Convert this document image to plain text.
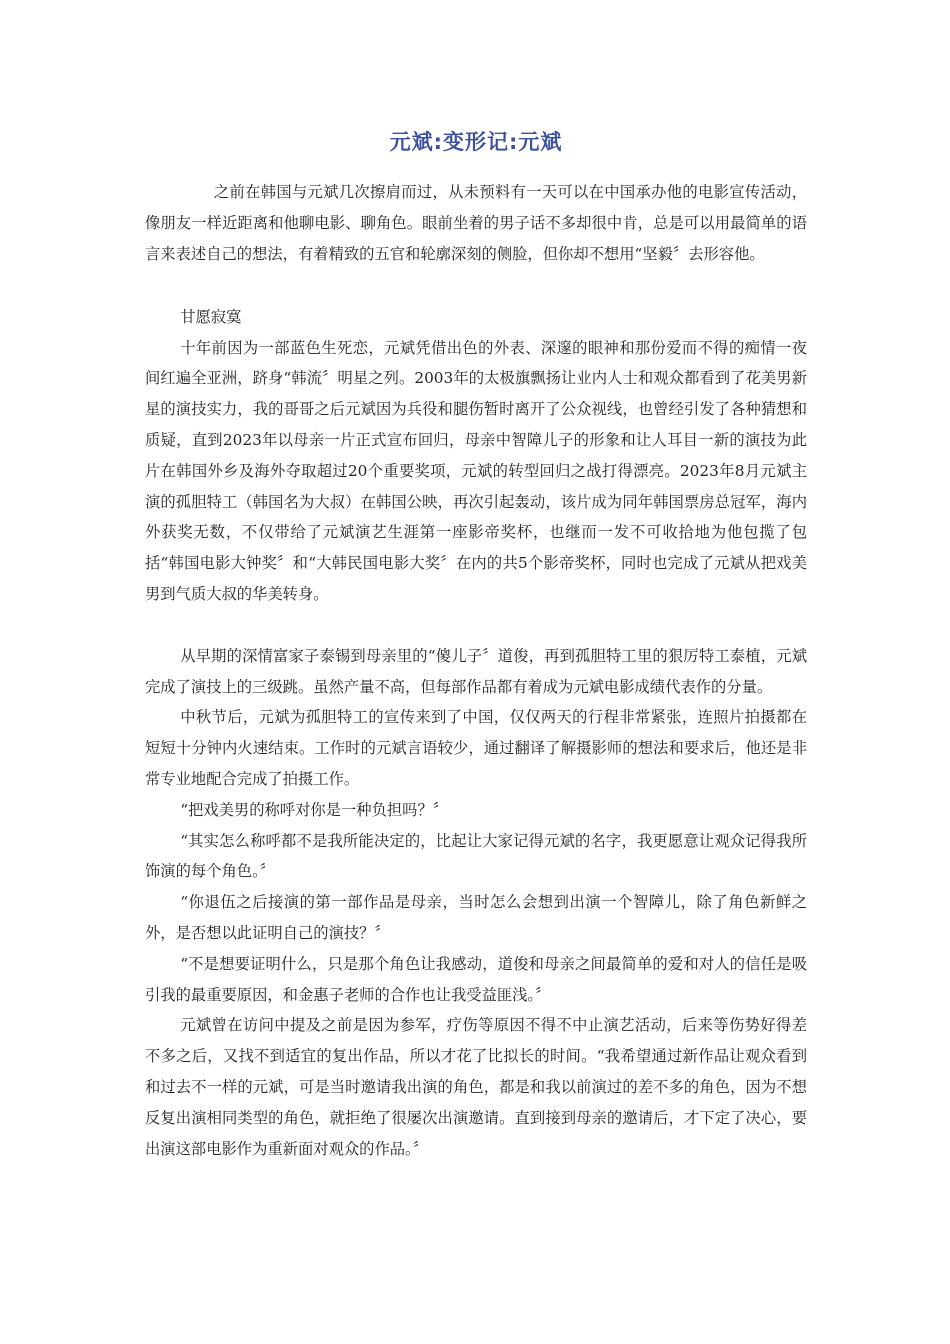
元斌:变形记:元斌

之前在韩国与元斌几次擦肩而过，从未预料有一天可以在中国承办他的电影宣传活动，像朋友一样近距离和他聊电影、聊角色。眼前坐着的男子话不多却很中肯，总是可以用最简单的语言来表述自己的想法，有着精致的五官和轮廓深刻的侧脸，但你却不想用“坚毅〞去形容他。

甘愿寂寞

十年前因为一部蓝色生死恋，元斌凭借出色的外表、深邃的眼神和那份爱而不得的痴情一夜间红遍全亚洲，跻身“韩流〞明星之列。2003年的太极旗飘扬让业内人士和观众都看到了花美男新星的演技实力，我的哥哥之后元斌因为兵役和腿伤暂时离开了公众视线，也曾经引发了各种猜想和质疑，直到2023年以母亲一片正式宣布回归，母亲中智障儿子的形象和让人耳目一新的演技为此片在韩国外乡及海外夺取超过20个重要奖项，元斌的转型回归之战打得漂亮。2023年8月元斌主演的孤胆特工（韩国名为大叔）在韩国公映，再次引起轰动，该片成为同年韩国票房总冠军，海内外获奖无数，不仅带给了元斌演艺生涯第一座影帝奖杯，也继而一发不可收拾地为他包揽了包括“韩国电影大钟奖〞和“大韩民国电影大奖〞在内的共5个影帝奖杯，同时也完成了元斌从把戏美男到气质大叔的华美转身。

从早期的深情富家子泰锡到母亲里的“傻儿子〞道俊，再到孤胆特工里的狠厉特工泰植，元斌完成了演技上的三级跳。虽然产量不高，但每部作品都有着成为元斌电影成绩代表作的分量。

中秋节后，元斌为孤胆特工的宣传来到了中国，仅仅两天的行程非常紧张，连照片拍摄都在短短十分钟内火速结束。工作时的元斌言语较少，通过翻译了解摄影师的想法和要求后，他还是非常专业地配合完成了拍摄工作。

“把戏美男的称呼对你是一种负担吗？〞

“其实怎么称呼都不是我所能决定的，比起让大家记得元斌的名字，我更愿意让观众记得我所饰演的每个角色。〞

“你退伍之后接演的第一部作品是母亲，当时怎么会想到出演一个智障儿，除了角色新鲜之外，是否想以此证明自己的演技？〞

“不是想要证明什么，只是那个角色让我感动，道俊和母亲之间最简单的爱和对人的信任是吸引我的最重要原因，和金惠子老师的合作也让我受益匪浅。〞

元斌曾在访问中提及之前是因为参军，疗伤等原因不得不中止演艺活动，后来等伤势好得差不多之后，又找不到适宜的复出作品，所以才花了比拟长的时间。“我希望通过新作品让观众看到和过去不一样的元斌，可是当时邀请我出演的角色，都是和我以前演过的差不多的角色，因为不想反复出演相同类型的角色，就拒绝了很屡次出演邀请。直到接到母亲的邀请后，才下定了决心，要出演这部电影作为重新面对观众的作品。〞
